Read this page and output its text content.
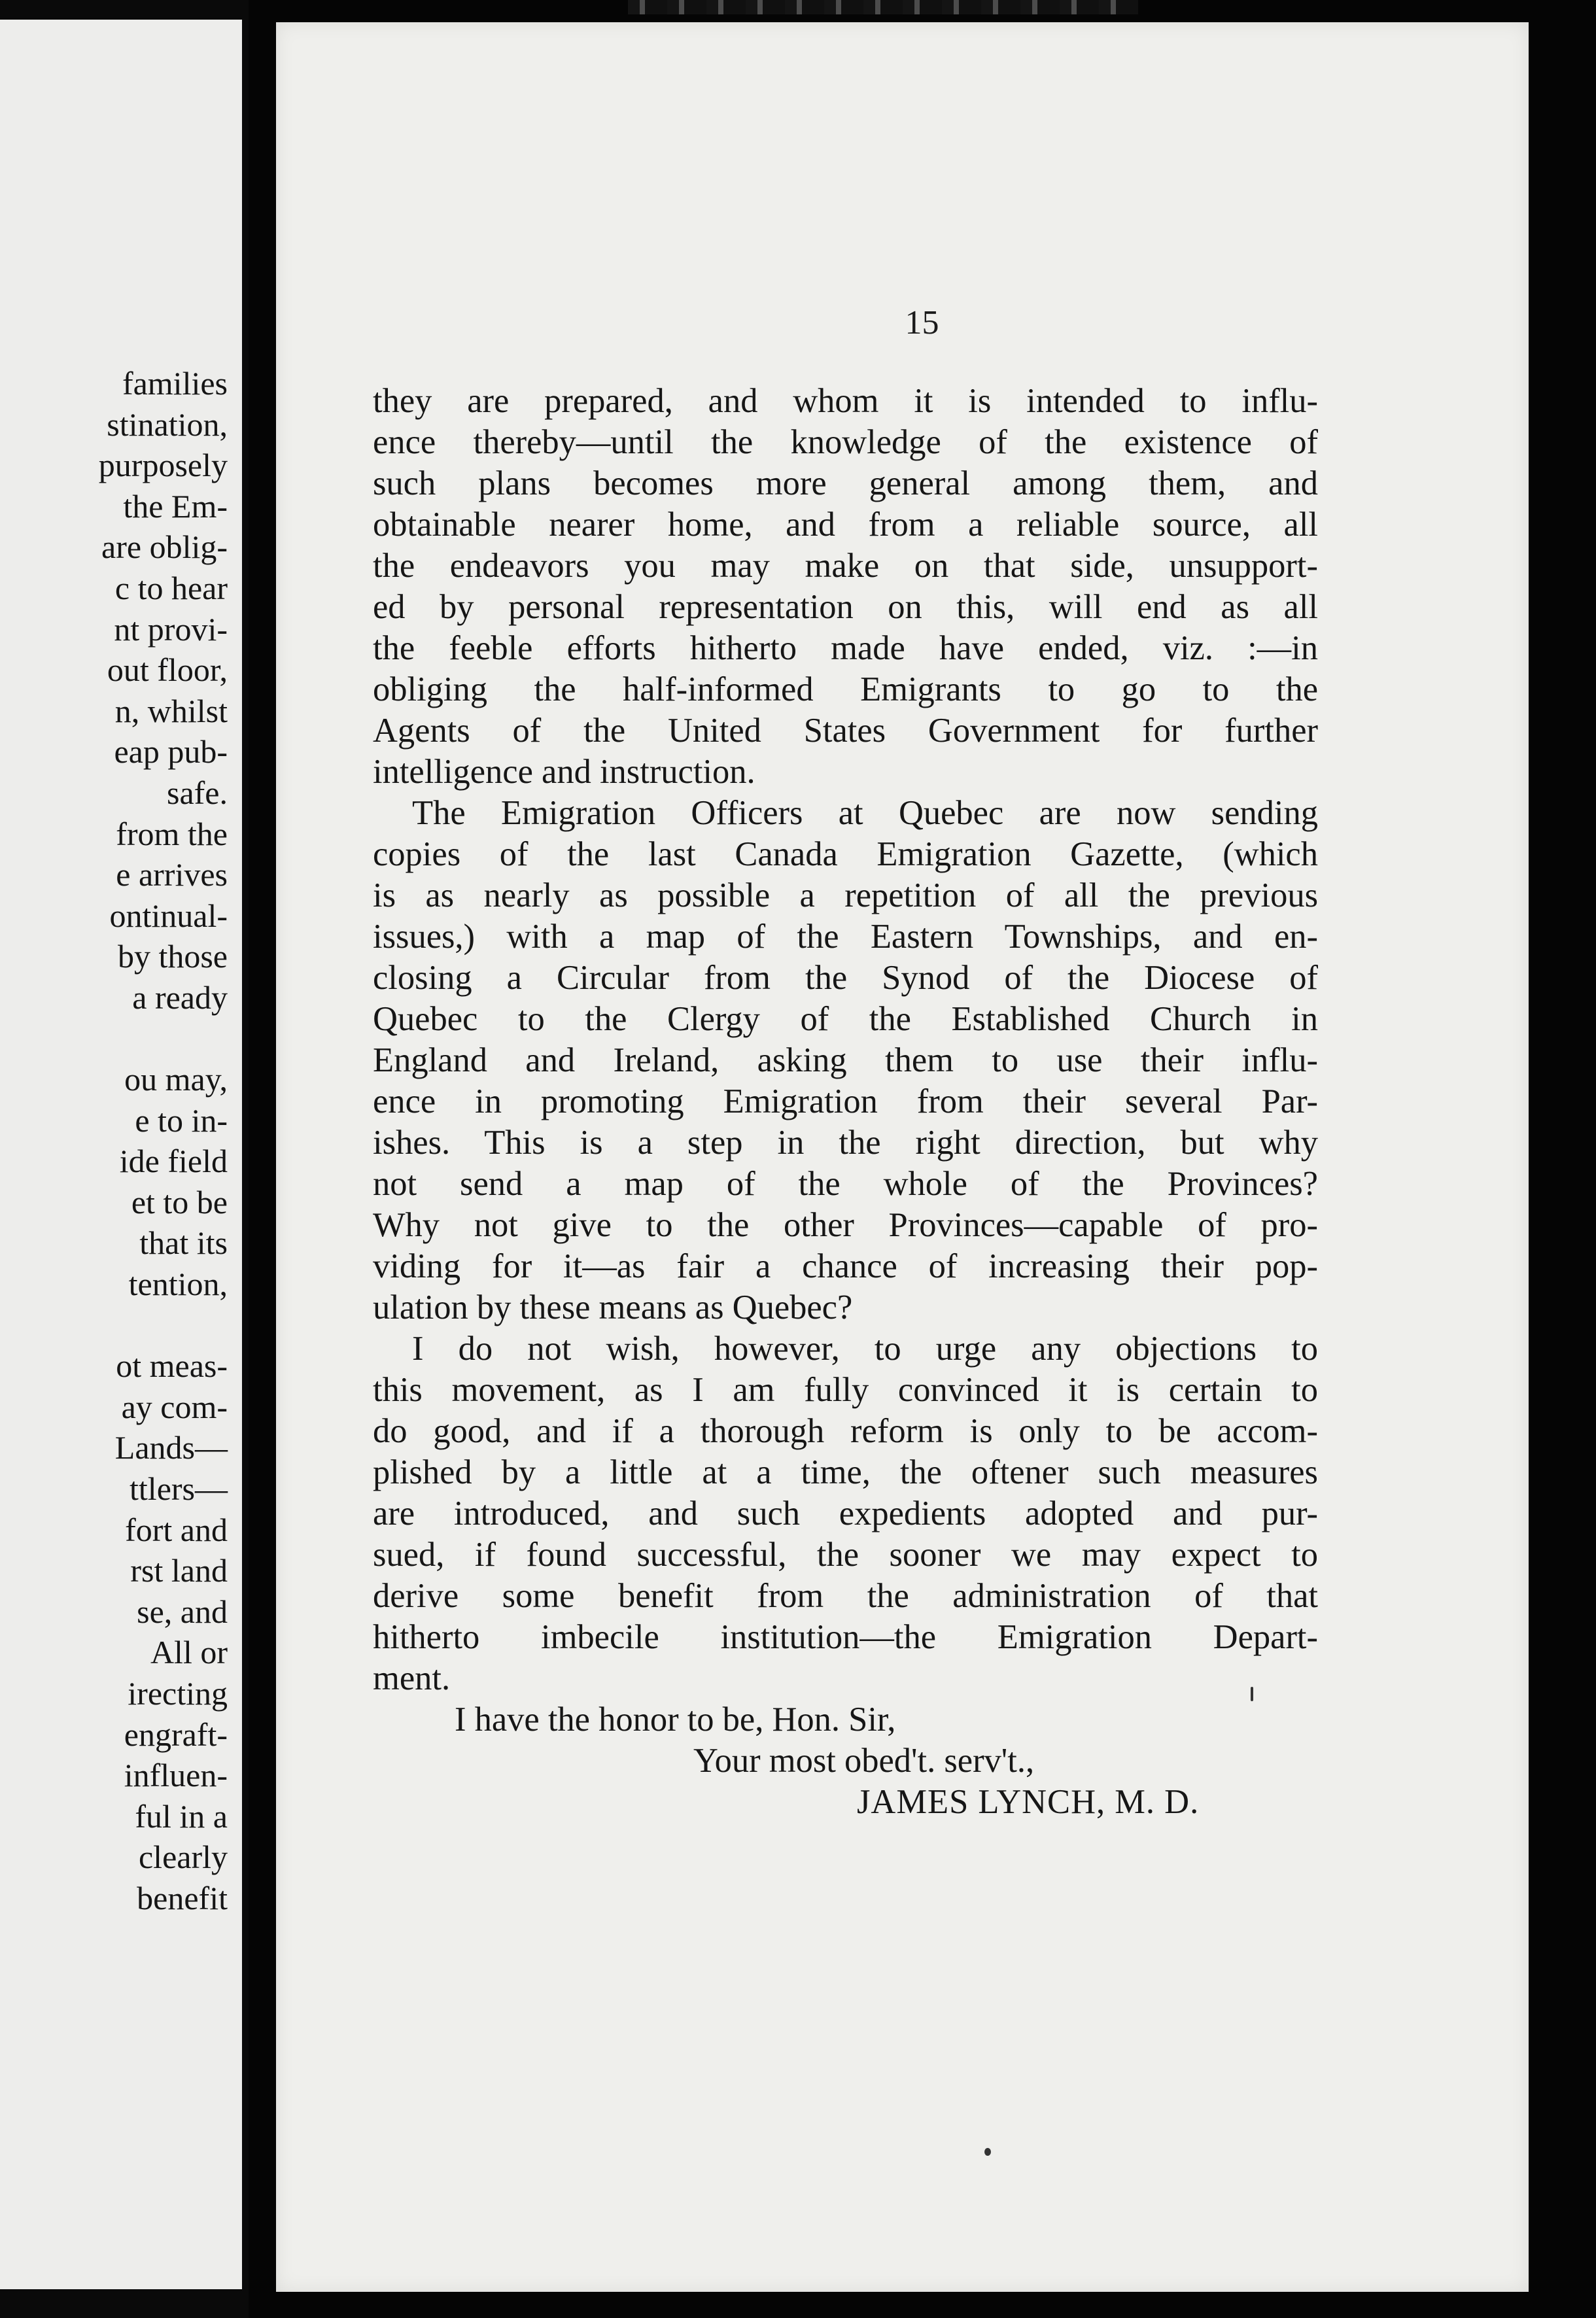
families
stination,
purposely
the Em-
are oblig-
c to hear
nt provi-
out floor,
n, whilst
eap pub-
safe.
from the
e arrives
ontinual-
by those
a ready
ou may,
e to in-
ide field
et to be
that its
tention,
ot meas-
ay com-
Lands—
ttlers—
fort and
rst land
se, and
All or
irecting
engraft-
influen-
ful in a
clearly
benefit
15
they are prepared, and whom it is intended to influ-
ence thereby—until the knowledge of the existence of
such plans becomes more general among them, and
obtainable nearer home, and from a reliable source, all
the endeavors you may make on that side, unsupport-
ed by personal representation on this, will end as all
the feeble efforts hitherto made have ended, viz. :—in
obliging the half-informed Emigrants to go to the
Agents of the United States Government for further
intelligence and instruction.
The Emigration Officers at Quebec are now sending
copies of the last Canada Emigration Gazette, (which
is as nearly as possible a repetition of all the previous
issues,) with a map of the Eastern Townships, and en-
closing a Circular from the Synod of the Diocese of
Quebec to the Clergy of the Established Church in
England and Ireland, asking them to use their influ-
ence in promoting Emigration from their several Par-
ishes. This is a step in the right direction, but why
not send a map of the whole of the Provinces?
Why not give to the other Provinces—capable of pro-
viding for it—as fair a chance of increasing their pop-
ulation by these means as Quebec?
I do not wish, however, to urge any objections to
this movement, as I am fully convinced it is certain to
do good, and if a thorough reform is only to be accom-
plished by a little at a time, the oftener such measures
are introduced, and such expedients adopted and pur-
sued, if found successful, the sooner we may expect to
derive some benefit from the administration of that
hitherto imbecile institution—the Emigration Depart-
ment.
I have the honor to be, Hon. Sir,
Your most obed't. serv't.,
JAMES LYNCH, M. D.
